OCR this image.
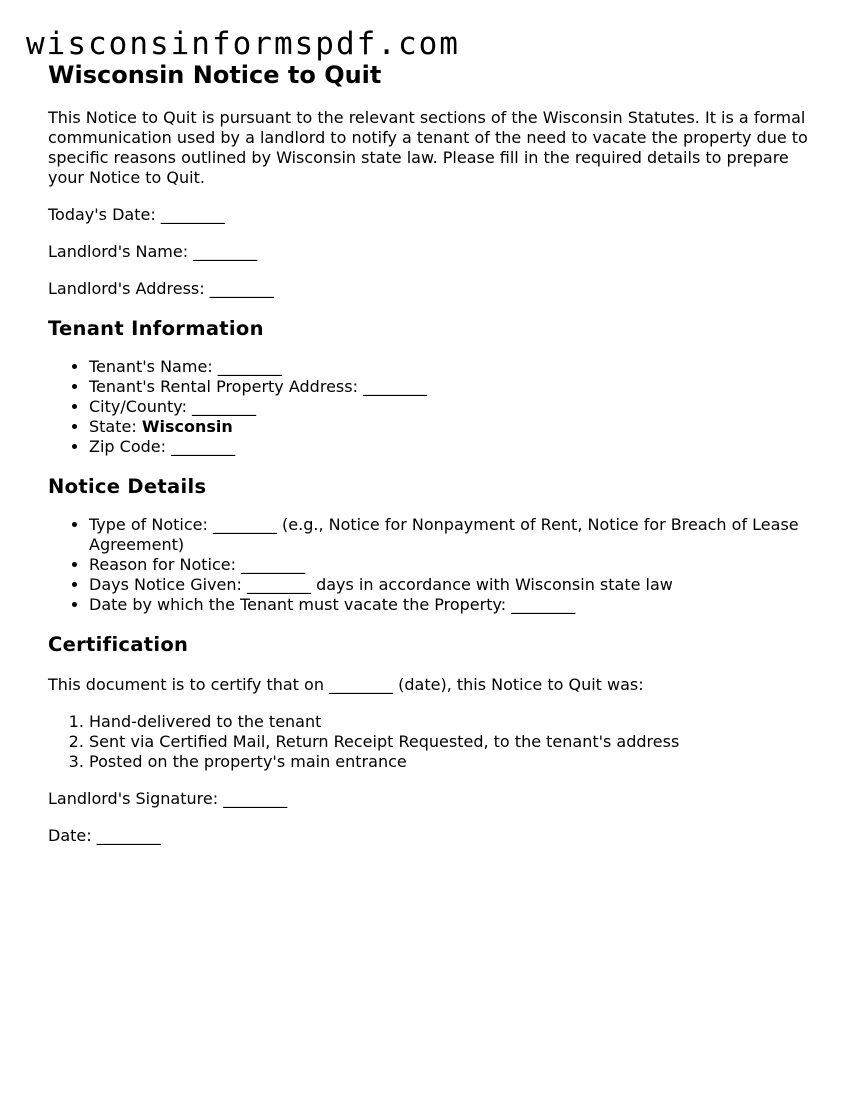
wisconsinformspdf.com
Wisconsin Notice to Quit

This Notice to Quit is pursuant to the relevant sections of the Wisconsin Statutes. It is a formal communication used by a landlord to notify a tenant of the need to vacate the property due to specific reasons outlined by Wisconsin state law. Please fill in the required details to prepare your Notice to Quit.

Today's Date: ________

Landlord's Name: ________

Landlord's Address: ________

Tenant Information
• Tenant's Name: ________
• Tenant's Rental Property Address: ________
• City/County: ________
• State: Wisconsin
• Zip Code: ________
Notice Details
• Type of Notice: ________ (e.g., Notice for Nonpayment of Rent, Notice for Breach of Lease Agreement)
• Reason for Notice: ________
• Days Notice Given: ________ days in accordance with Wisconsin state law
• Date by which the Tenant must vacate the Property: ________
Certification

This document is to certify that on ________ (date), this Notice to Quit was:

1. Hand-delivered to the tenant
2. Sent via Certified Mail, Return Receipt Requested, to the tenant's address
3. Posted on the property's main entrance

Landlord's Signature: ________

Date: ________
